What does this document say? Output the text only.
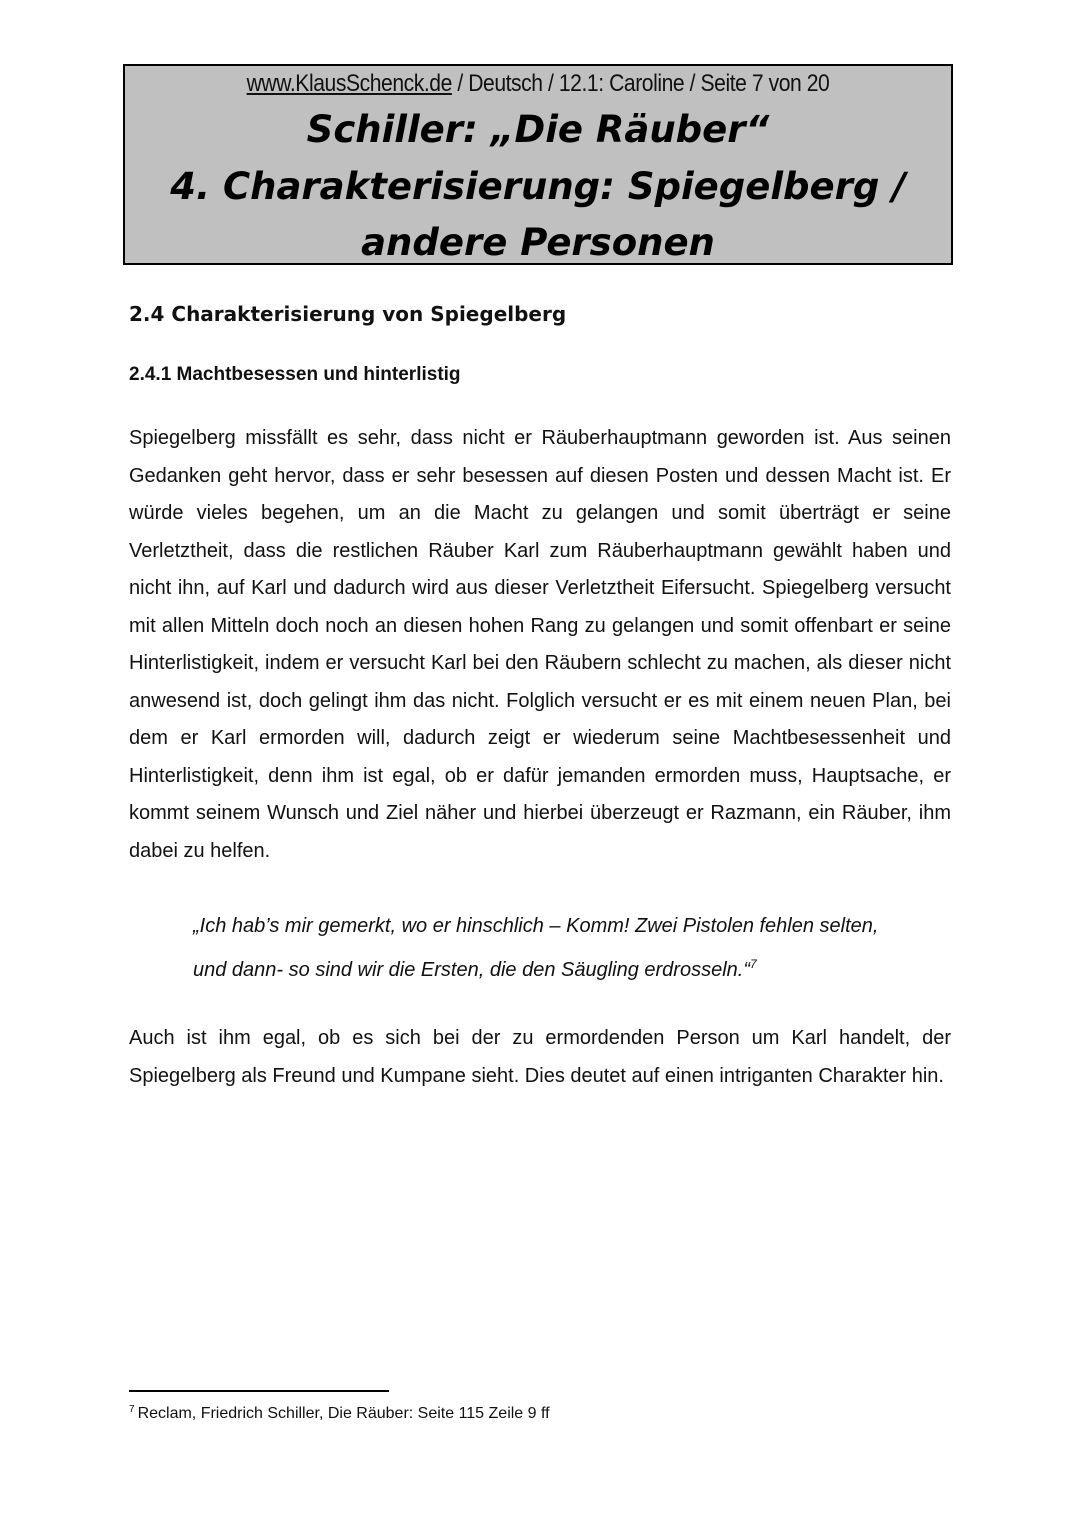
www.KlausSchenck.de / Deutsch / 12.1: Caroline / Seite 7 von 20
Schiller: „Die Räuber“
4. Charakterisierung: Spiegelberg /
andere Personen
2.4 Charakterisierung von Spiegelberg
2.4.1 Machtbesessen und hinterlistig

Spiegelberg missfällt es sehr, dass nicht er Räuberhauptmann geworden ist. Aus seinen Gedanken geht hervor, dass er sehr besessen auf diesen Posten und dessen Macht ist. Er würde vieles begehen, um an die Macht zu gelangen und somit überträgt er seine Verletztheit, dass die restlichen Räuber Karl zum Räuberhauptmann gewählt haben und nicht ihn, auf Karl und dadurch wird aus dieser Verletztheit Eifersucht. Spiegelberg versucht mit allen Mitteln doch noch an diesen hohen Rang zu gelangen und somit offenbart er seine Hinterlistigkeit, indem er versucht Karl bei den Räubern schlecht zu machen, als dieser nicht anwesend ist, doch gelingt ihm das nicht. Folglich versucht er es mit einem neuen Plan, bei dem er Karl ermorden will, dadurch zeigt er wiederum seine Machtbesessenheit und Hinterlistigkeit, denn ihm ist egal, ob er dafür jemanden ermorden muss, Hauptsache, er kommt seinem Wunsch und Ziel näher und hierbei überzeugt er Razmann, ein Räuber, ihm dabei zu helfen.

„Ich hab’s mir gemerkt, wo er hinschlich – Komm! Zwei Pistolen fehlen selten,
und dann- so sind wir die Ersten, die den Säugling erdrosseln.“$^7$

Auch ist ihm egal, ob es sich bei der zu ermordenden Person um Karl handelt, der Spiegelberg als Freund und Kumpane sieht. Dies deutet auf einen intriganten Charakter hin.

$^7$ Reclam, Friedrich Schiller, Die Räuber: Seite 115 Zeile 9 ff
